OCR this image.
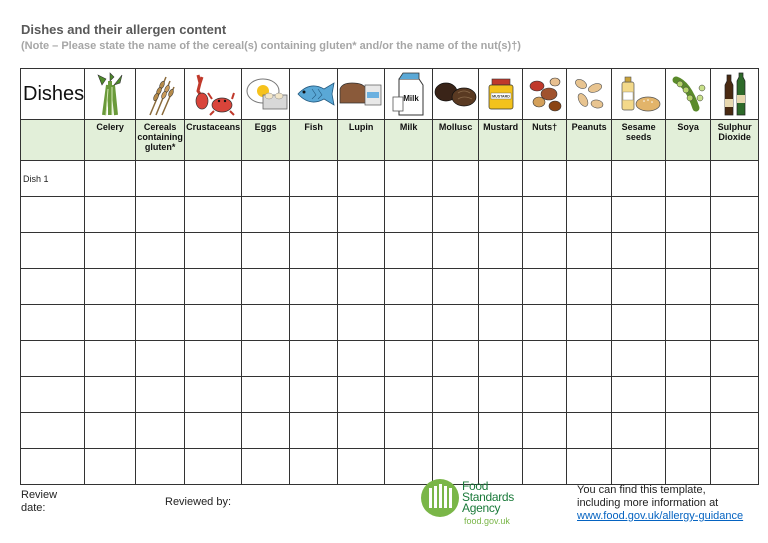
Dishes and their allergen content
(Note – Please state the name of the cereal(s) containing gluten* and/or the name of the nut(s)†)
Dishes							Milk		MUSTARD

	Celery	Cereals containing gluten*	Crustaceans	Eggs	Fish	Lupin	Milk	Mollusc	Mustard	Nuts†	Peanuts	Sesame seeds	Soya	Sulphur Dioxide
Dish 1														

Review date:	Reviewed by:
Food
Standards
Agency
food.gov.uk
You can find this template,
including more information at
www.food.gov.uk/allergy-guidance
